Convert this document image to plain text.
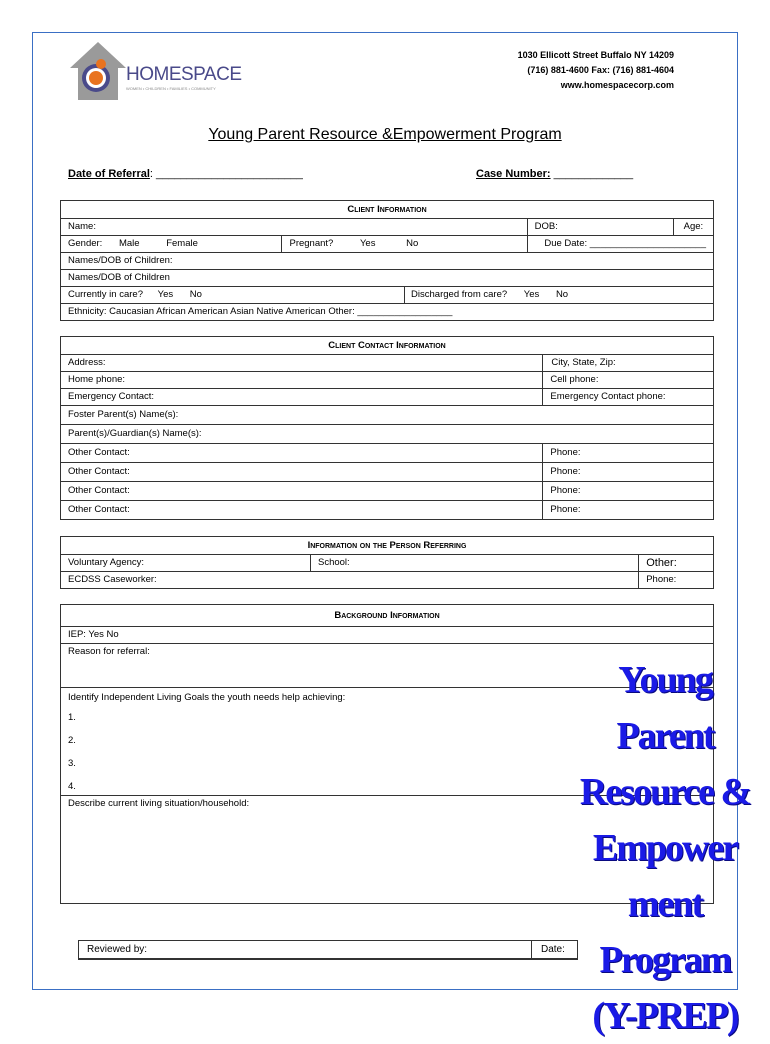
HOMESPACE
WOMEN • CHILDREN • FAMILIES • COMMUNITY
1030 Ellicott Street Buffalo NY 14209
(716) 881-4600 Fax: (716) 881-4604
www.homespacecorp.com
Young Parent Resource &Empowerment Program
Date of Referral: ________________________	Case Number: _____________
Client Information				
Name:			DOB:	Age:
Gender: Male Female	Pregnant? Yes No		Due Date: ______________________	
Names/DOB of Children:				
Names/DOB of Children				
Currently in care? Yes No		Discharged from care? Yes No		
Ethnicity: Caucasian African American Asian Native American Other: __________________				
Client Contact Information	
Address:	City, State, Zip:
Home phone:	Cell phone:
Emergency Contact:	Emergency Contact phone:
Foster Parent(s) Name(s):	
Parent(s)/Guardian(s) Name(s):	
Other Contact:	Phone:
Other Contact:	Phone:
Other Contact:	Phone:
Other Contact:	Phone:
Information on the Person Referring		
Voluntary Agency:	School:	Other:
ECDSS Caseworker:		Phone:
Background Information
IEP: Yes No
Reason for referral:

Identify Independent Living Goals the youth needs help achieving:
1.
2.
3.
4.

Describe current living situation/household:
Reviewed by:	Date:
Young
Parent
Resource &
Empower
ment
Program
(Y-PREP)
